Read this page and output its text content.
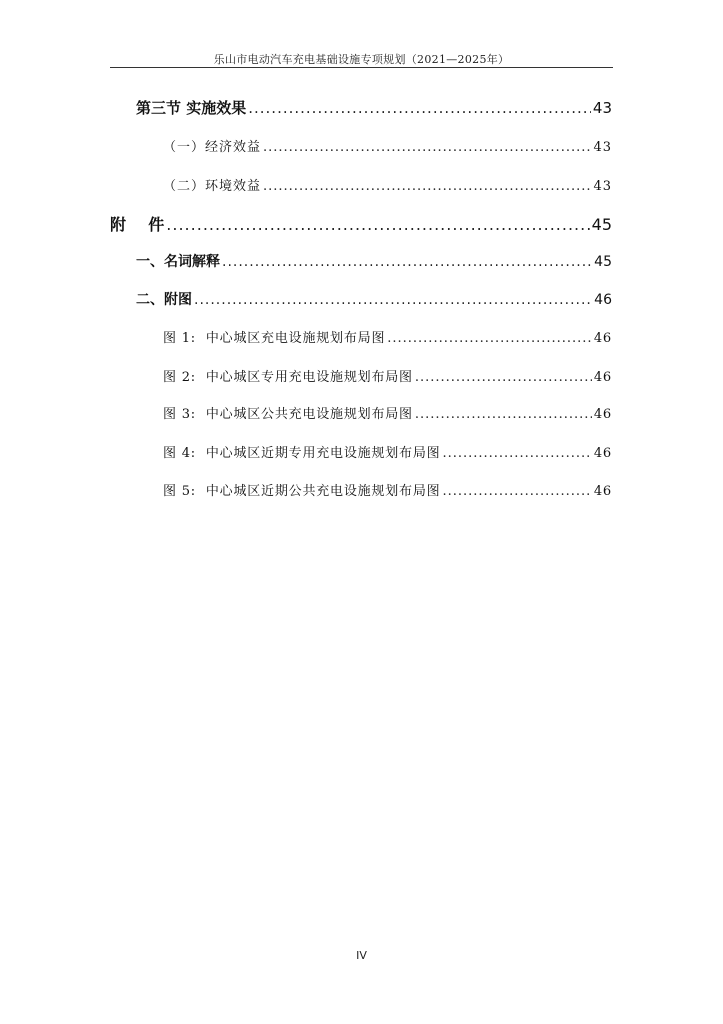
乐山市电动汽车充电基础设施专项规划（2021—2025年）
第三节 实施效果 .....	43
（一）经济效益 .....	43
（二）环境效益 .....	43
附    件 .....	45
一、名词解释 .....	45
二、附图 .....	46
图 1:  中心城区充电设施规划布局图 .....	46
图 2:  中心城区专用充电设施规划布局图 .....	46
图 3:  中心城区公共充电设施规划布局图 .....	46
图 4:  中心城区近期专用充电设施规划布局图 .....	46
图 5:  中心城区近期公共充电设施规划布局图 .....	46
IV
